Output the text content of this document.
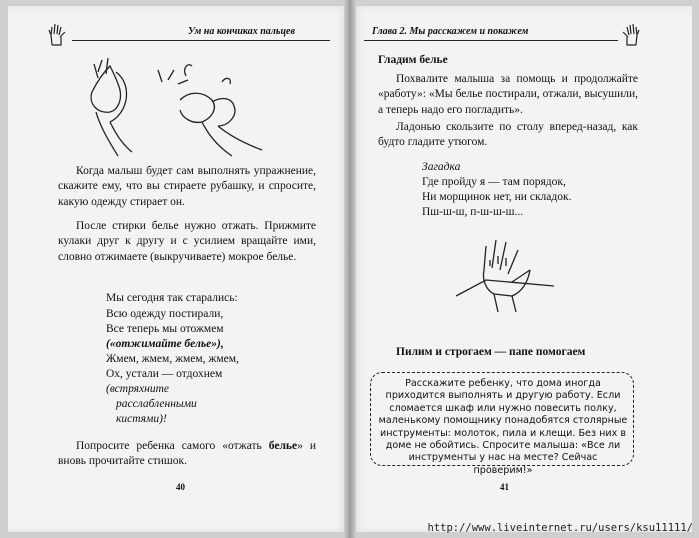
Ум на кончиках пальцев
Когда малыш будет сам выполнять упражнение, скажите ему, что вы стираете рубашку, и спросите, какую одежду стирает он.
После стирки белье нужно отжать. Прижмите кулаки друг к другу и с усилием вращайте ими, словно отжимаете (выкручиваете) мокрое белье.
Мы сегодня так старались:
Всю одежду постирали,
Все теперь мы отожмем
(«отжимайте белье»),
Жмем, жмем, жмем, жмем,
Ох, устали — отдохнем
(встряхните
расслабленными
кистями)!
Попросите ребенка самого «отжать белье» и вновь прочитайте стишок.
40
Глава 2. Мы расскажем и покажем
Гладим белье
Похвалите малыша за помощь и продолжайте «работу»: «Мы белье постирали, отжали, высушили, а теперь надо его погладить».
Ладонью скользите по столу вперед-назад, как будто гладите утюгом.
Загадка
Где пройду я — там порядок,
Ни морщинок нет, ни складок.
Пш-ш-ш, п-ш-ш-ш...
Пилим и строгаем — папе помогаем
Расскажите ребенку, что дома иногда приходится выполнять и другую работу. Если сломается шкаф или нужно повесить полку, маленькому помощнику понадобятся столярные инструменты: молоток, пила и клещи. Без них в доме не обойтись. Спросите малыша: «Все ли инструменты у нас на месте? Сейчас проверим!»
41
http://www.liveinternet.ru/users/ksu11111/
